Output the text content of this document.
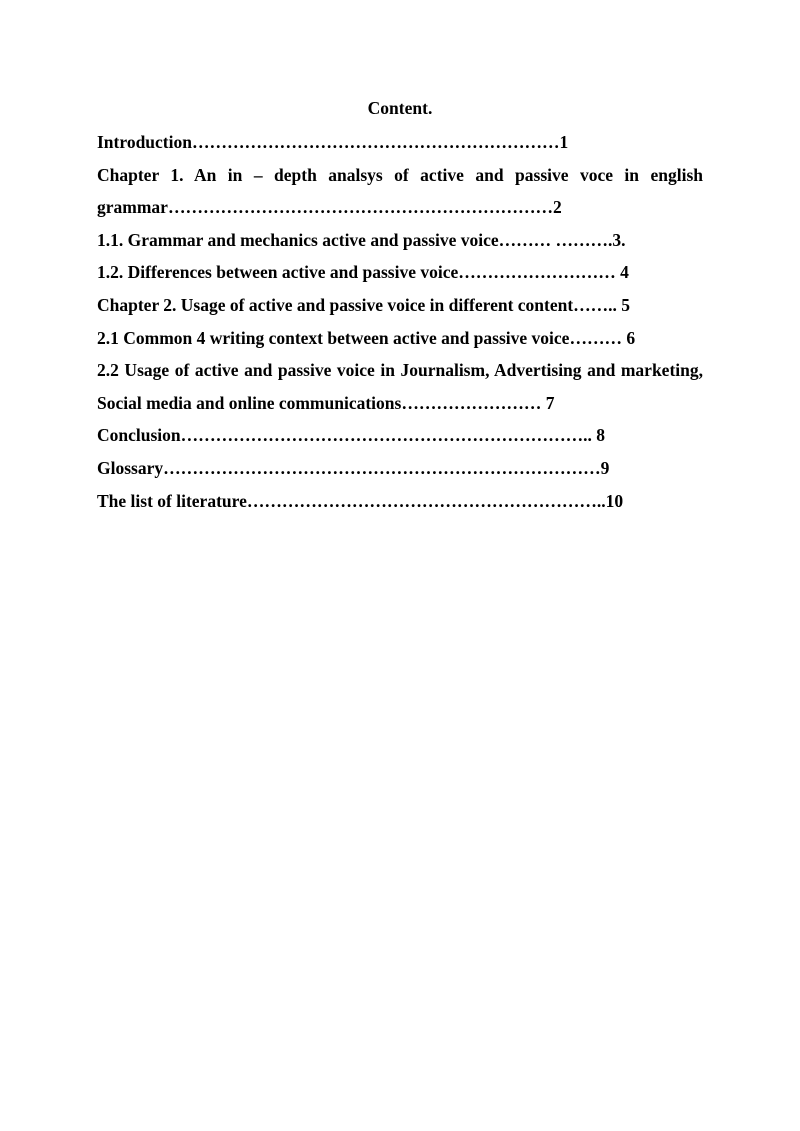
Content.

Introduction………………………………………………………1

Chapter 1. An in – depth analsys of active and passive voce in english grammar…………………………………………………………2

1.1. Grammar and mechanics active and passive voice……… ……….3.

1.2. Differences between active and passive voice……………………… 4

Chapter 2. Usage of active and passive voice in different content…….. 5

2.1 Common 4 writing context between active and passive voice……… 6

2.2 Usage of active and passive voice in Journalism, Advertising and marketing, Social media and online communications…………………… 7

Conclusion…………………………………………………………….. 8

Glossary…………………………………………………………………9

The list of literature……………………………………………………..10
